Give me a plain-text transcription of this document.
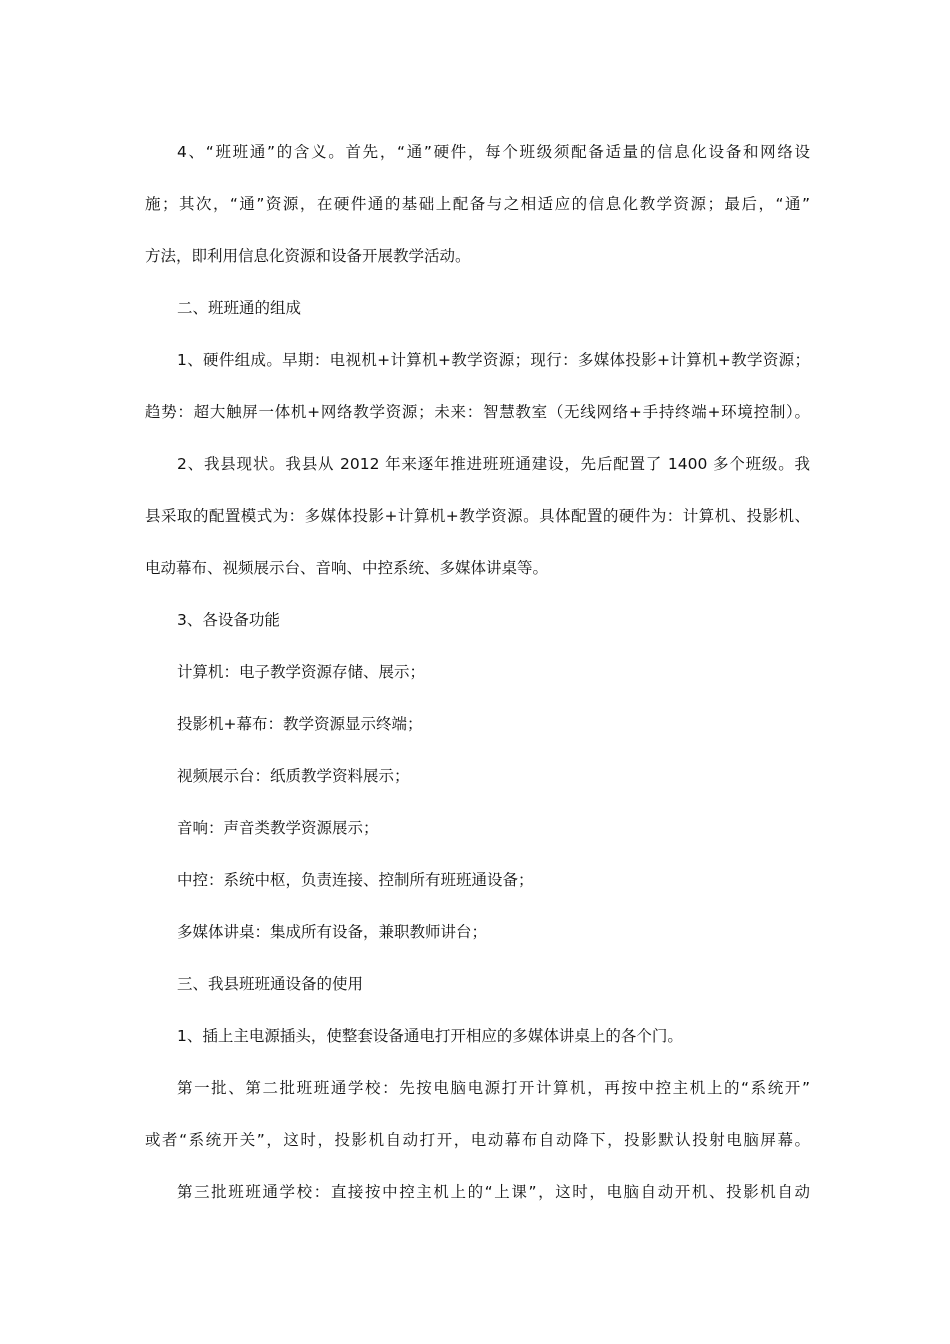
4、“班班通”的含义。首先，“通”硬件，每个班级须配备适量的信息化设备和网络设
施；其次，“通”资源，在硬件通的基础上配备与之相适应的信息化教学资源；最后，“通”
方法，即利用信息化资源和设备开展教学活动。
二、班班通的组成
1、硬件组成。早期：电视机+计算机+教学资源；现行：多媒体投影+计算机+教学资源；
趋势：超大触屏一体机+网络教学资源；未来：智慧教室（无线网络+手持终端+环境控制）。
2、我县现状。我县从 2012 年来逐年推进班班通建设，先后配置了 1400 多个班级。我
县采取的配置模式为：多媒体投影+计算机+教学资源。具体配置的硬件为：计算机、投影机、
电动幕布、视频展示台、音响、中控系统、多媒体讲桌等。
3、各设备功能
计算机：电子教学资源存储、展示；
投影机+幕布：教学资源显示终端；
视频展示台：纸质教学资料展示；
音响：声音类教学资源展示；
中控：系统中枢，负责连接、控制所有班班通设备；
多媒体讲桌：集成所有设备，兼职教师讲台；
三、我县班班通设备的使用
1、插上主电源插头，使整套设备通电打开相应的多媒体讲桌上的各个门。
第一批、第二批班班通学校：先按电脑电源打开计算机，再按中控主机上的“系统开”
或者“系统开关”，这时，投影机自动打开，电动幕布自动降下，投影默认投射电脑屏幕。
第三批班班通学校：直接按中控主机上的“上课”，这时，电脑自动开机、投影机自动
